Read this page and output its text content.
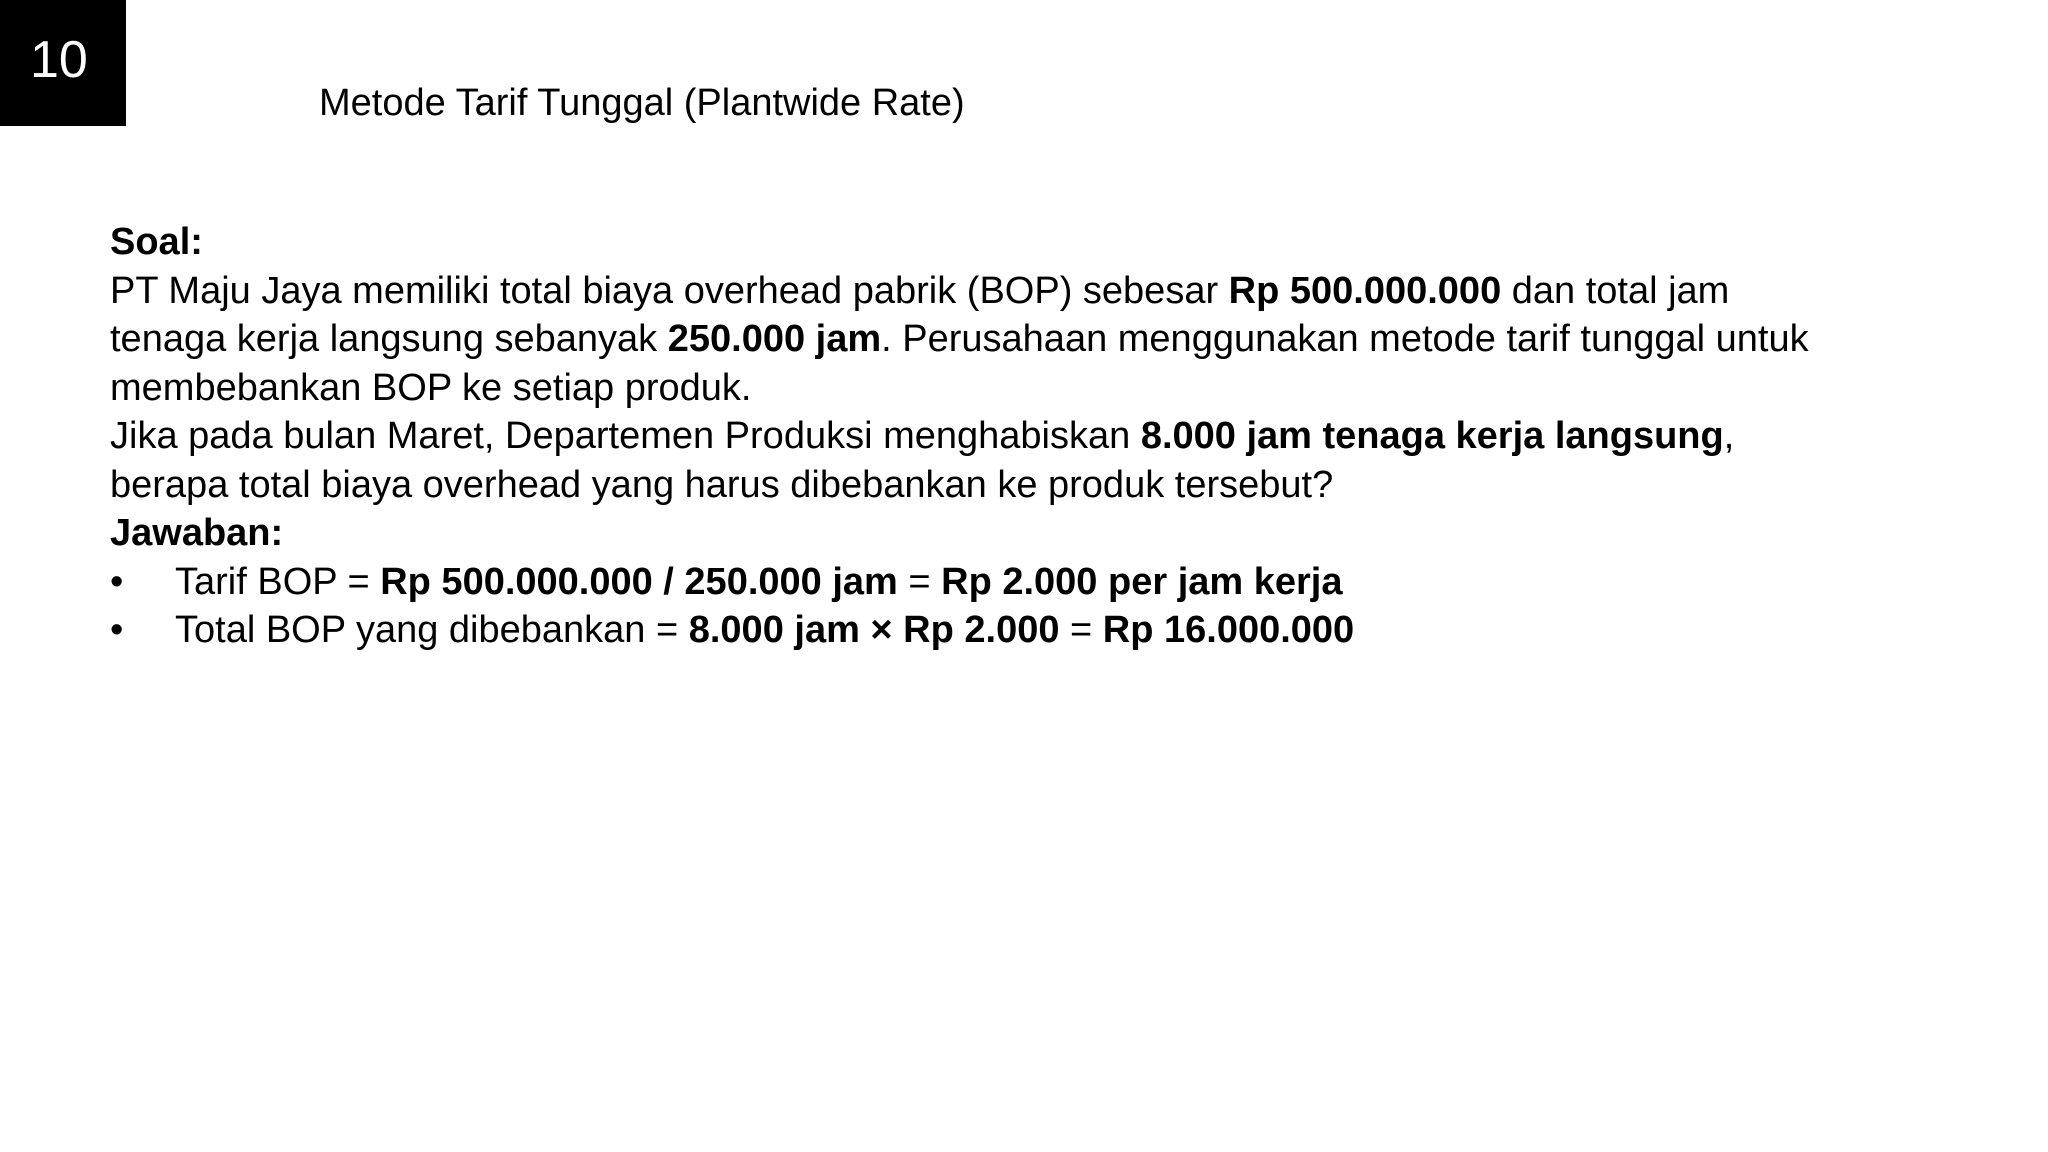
10
Metode Tarif Tunggal (Plantwide Rate)

Soal:

PT Maju Jaya memiliki total biaya overhead pabrik (BOP) sebesar Rp 500.000.000 dan total jam tenaga kerja langsung sebanyak 250.000 jam. Perusahaan menggunakan metode tarif tunggal untuk membebankan BOP ke setiap produk.

Jika pada bulan Maret, Departemen Produksi menghabiskan 8.000 jam tenaga kerja langsung, berapa total biaya overhead yang harus dibebankan ke produk tersebut?

Jawaban:

• Tarif BOP = Rp 500.000.000 / 250.000 jam = Rp 2.000 per jam kerja
• Total BOP yang dibebankan = 8.000 jam × Rp 2.000 = Rp 16.000.000
